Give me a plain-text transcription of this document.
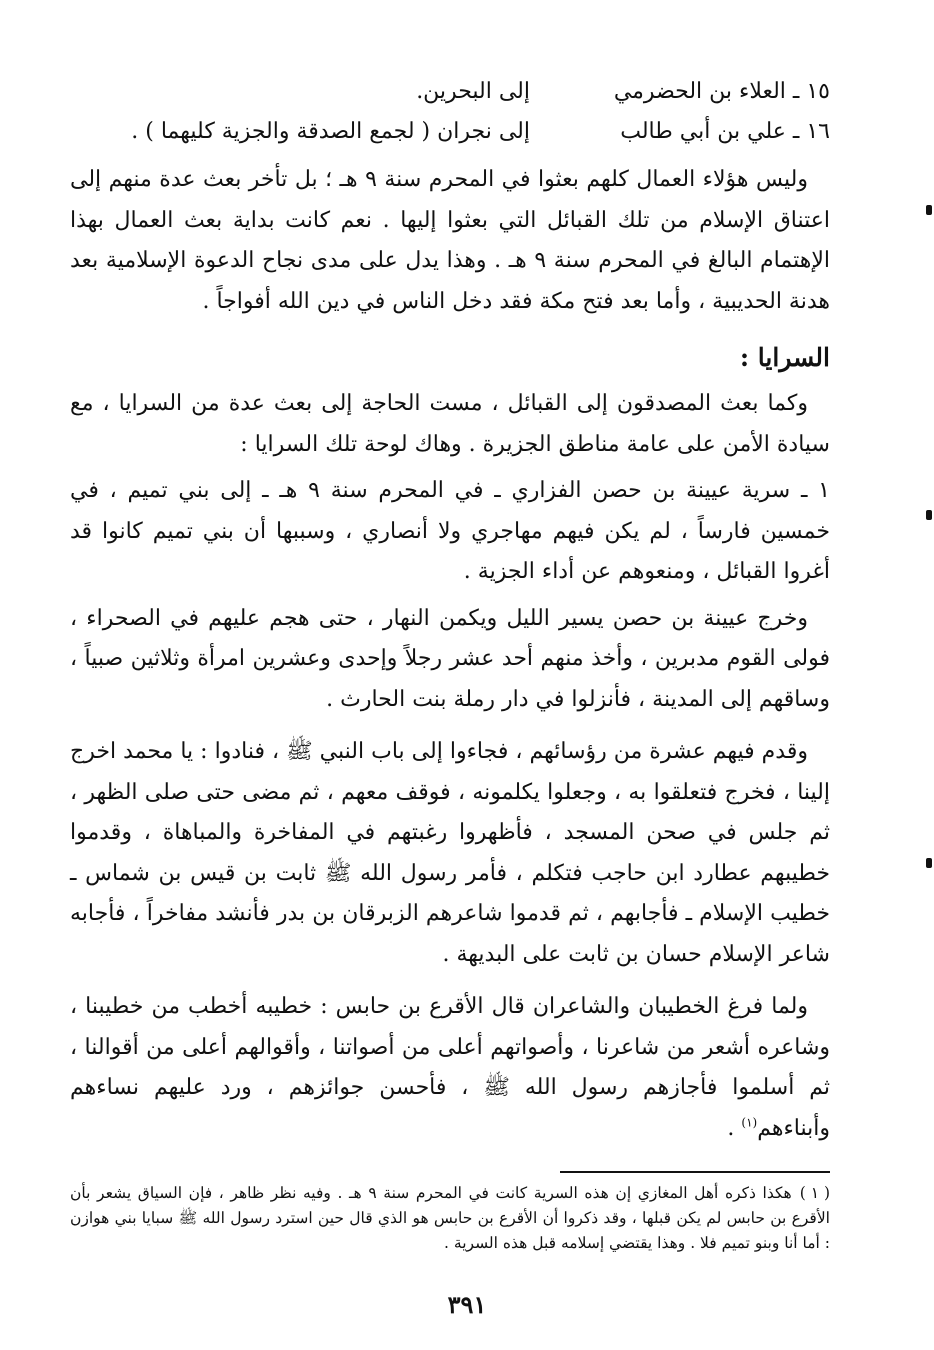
١٥ ـ العلاء بن الحضرمي
إلى البحرين.
١٦ ـ علي بن أبي طالب
إلى نجران ( لجمع الصدقة والجزية كليهما ) .

وليس هؤلاء العمال كلهم بعثوا في المحرم سنة ٩ هـ ؛ بل تأخر بعث عدة منهم إلى اعتناق الإسلام من تلك القبائل التي بعثوا إليها . نعم كانت بداية بعث العمال بهذا الإهتمام البالغ في المحرم سنة ٩ هـ . وهذا يدل على مدى نجاح الدعوة الإسلامية بعد هدنة الحديبية ، وأما بعد فتح مكة فقد دخل الناس في دين الله أفواجاً .

السرايا :

وكما بعث المصدقون إلى القبائل ، مست الحاجة إلى بعث عدة من السرايا ، مع سيادة الأمن على عامة مناطق الجزيرة . وهاك لوحة تلك السرايا :

١ ـ سرية عيينة بن حصن الفزاري ـ في المحرم سنة ٩ هـ ـ إلى بني تميم ، في خمسين فارساً ، لم يكن فيهم مهاجري ولا أنصاري ، وسببها أن بني تميم كانوا قد أغروا القبائل ، ومنعوهم عن أداء الجزية .

وخرج عيينة بن حصن يسير الليل ويكمن النهار ، حتى هجم عليهم في الصحراء ، فولى القوم مدبرين ، وأخذ منهم أحد عشر رجلاً وإحدى وعشرين امرأة وثلاثين صبياً ، وساقهم إلى المدينة ، فأنزلوا في دار رملة بنت الحارث .

وقدم فيهم عشرة من رؤسائهم ، فجاءوا إلى باب النبي ﷺ ، فنادوا : يا محمد اخرج إلينا ، فخرج فتعلقوا به ، وجعلوا يكلمونه ، فوقف معهم ، ثم مضى حتى صلى الظهر ، ثم جلس في صحن المسجد ، فأظهروا رغبتهم في المفاخرة والمباهاة ، وقدموا خطيبهم عطارد ابن حاجب فتكلم ، فأمر رسول الله ﷺ ثابت بن قيس بن شماس ـ خطيب الإسلام ـ فأجابهم ، ثم قدموا شاعرهم الزبرقان بن بدر فأنشد مفاخراً ، فأجابه شاعر الإسلام حسان بن ثابت على البديهة .

ولما فرغ الخطيبان والشاعران قال الأقرع بن حابس : خطيبه أخطب من خطيبنا ، وشاعره أشعر من شاعرنا ، وأصواتهم أعلى من أصواتنا ، وأقوالهم أعلى من أقوالنا ، ثم أسلموا فأجازهم رسول الله ﷺ ، فأحسن جوائزهم ، ورد عليهم نساءهم وأبناءهم$^{(١)}$ .

( ١ )هكذا ذكره أهل المغازي إن هذه السرية كانت في المحرم سنة ٩ هـ . وفيه نظر ظاهر ، فإن السياق يشعر بأن الأقرع بن حابس لم يكن قبلها ، وقد ذكروا أن الأقرع بن حابس هو الذي قال حين استرد رسول الله ﷺ سبايا بني هوازن : أما أنا وبنو تميم فلا . وهذا يقتضي إسلامه قبل هذه السرية .

٣٩١
